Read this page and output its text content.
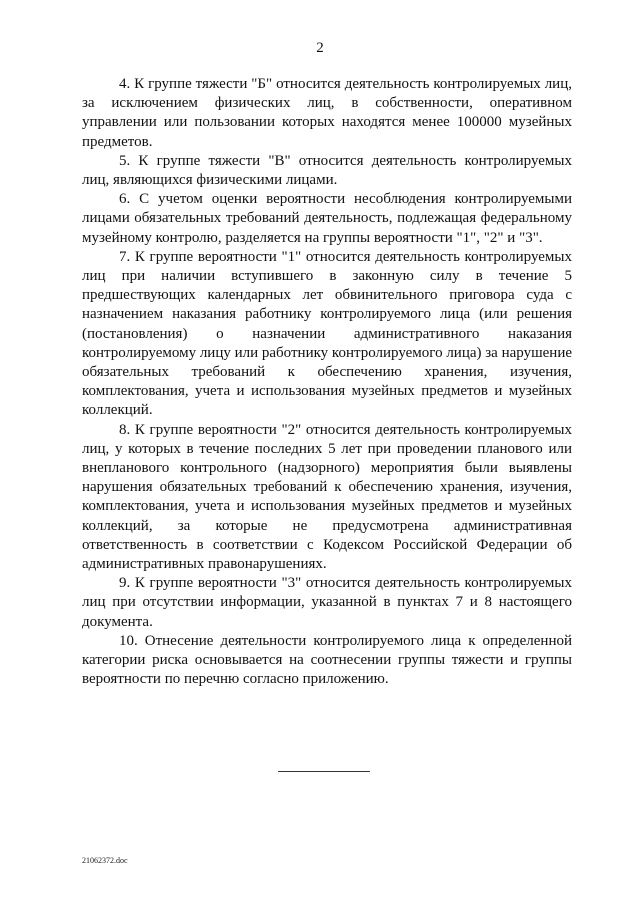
2

4. К группе тяжести "Б" относится деятельность контролируемых лиц, за исключением физических лиц, в собственности, оперативном управлении или пользовании которых находятся менее 100000 музейных предметов.

5. К группе тяжести "В" относится деятельность контролируемых лиц, являющихся физическими лицами.

6. С учетом оценки вероятности несоблюдения контролируемыми лицами обязательных требований деятельность, подлежащая федеральному музейному контролю, разделяется на группы вероятности "1", "2" и "3".

7. К группе вероятности "1" относится деятельность контролируемых лиц при наличии вступившего в законную силу в течение 5 предшествующих календарных лет обвинительного приговора суда с назначением наказания работнику контролируемого лица (или решения (постановления) о назначении административного наказания контролируемому лицу или работнику контролируемого лица) за нарушение обязательных требований к обеспечению хранения, изучения, комплектования, учета и использования музейных предметов и музейных коллекций.

8. К группе вероятности "2" относится деятельность контролируемых лиц, у которых в течение последних 5 лет при проведении планового или внепланового контрольного (надзорного) мероприятия были выявлены нарушения обязательных требований к обеспечению хранения, изучения, комплектования, учета и использования музейных предметов и музейных коллекций, за которые не предусмотрена административная ответственность в соответствии с Кодексом Российской Федерации об административных правонарушениях.

9. К группе вероятности "3" относится деятельность контролируемых лиц при отсутствии информации, указанной в пунктах 7 и 8 настоящего документа.

10. Отнесение деятельности контролируемого лица к определенной категории риска основывается на соотнесении группы тяжести и группы вероятности по перечню согласно приложению.

21062372.doc
